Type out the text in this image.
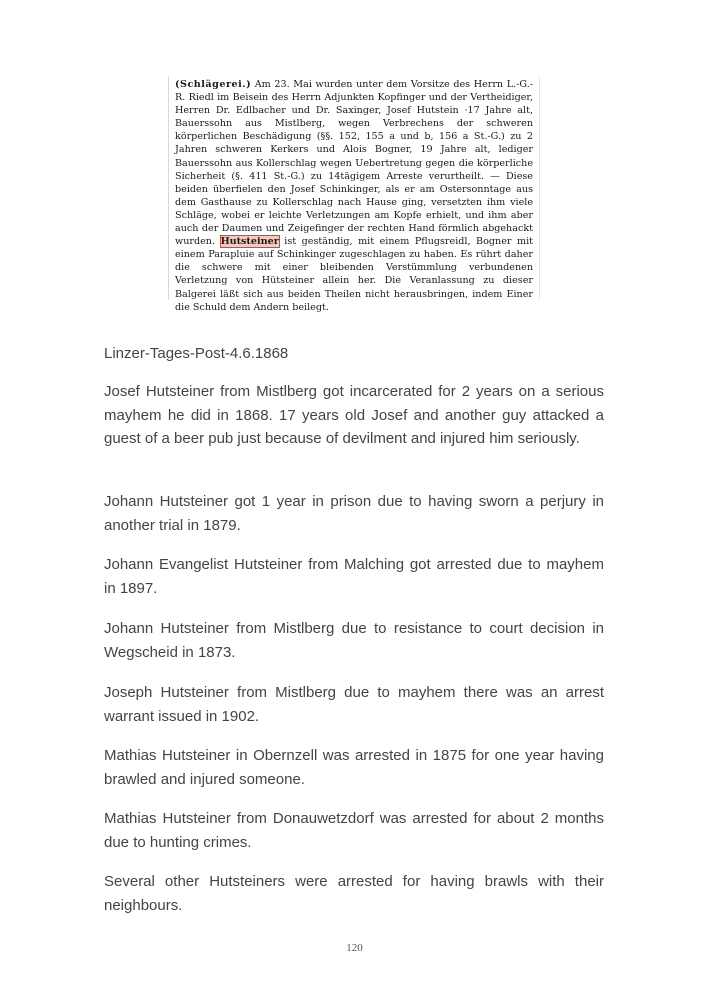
(Schlägerei.) Am 23. Mai wurden unter dem Vorsitze des Herrn L.-G.-R. Riedl im Beisein des Herrn Adjunkten Kopfinger und der Vertheidiger, Herren Dr. Edlbacher und Dr. Saxinger, Josef Hutstein ·17 Jahre alt, Bauerssohn aus Mistlberg, wegen Verbrechens der schweren körperlichen Beschädigung (§§. 152, 155 a und b, 156 a St.-G.) zu 2 Jahren schweren Kerkers und Alois Bogner, 19 Jahre alt, lediger Bauerssohn aus Kollerschlag wegen Uebertretung gegen die körperliche Sicherheit (§. 411 St.-G.) zu 14tägigem Arreste verurtheilt. — Diese beiden überfielen den Josef Schinkinger, als er am Ostersonntage aus dem Gasthause zu Kollerschlag nach Hause ging, versetzten ihm viele Schläge, wobei er leichte Verletzungen am Kopfe erhielt, und ihm aber auch der Daumen und Zeigefinger der rechten Hand förmlich abgehackt wurden. Hutsteiner ist geständig, mit einem Pflugsreidl, Bogner mit einem Parapluie auf Schinkinger zugeschlagen zu haben. Es rührt daher die schwere mit einer bleibenden Verstümmlung verbundenen Verletzung von Hütsteiner allein her. Die Veranlassung zu dieser Balgerei läßt sich aus beiden Theilen nicht herausbringen, indem Einer die Schuld dem Andern beilegt.
Linzer-Tages-Post-4.6.1868
Josef Hutsteiner from Mistlberg got incarcerated for 2 years on a serious mayhem he did in 1868. 17 years old Josef and another guy attacked a guest of a beer pub just because of devilment and injured him seriously.
Johann Hutsteiner got 1 year in prison due to having sworn a perjury in another trial in 1879.
Johann Evangelist Hutsteiner from Malching got arrested due to mayhem in 1897.
Johann Hutsteiner from Mistlberg due to resistance to court decision in Wegscheid in 1873.
Joseph Hutsteiner from Mistlberg due to mayhem there was an arrest warrant issued in 1902.
Mathias Hutsteiner in Obernzell was arrested in 1875 for one year having brawled and injured someone.
Mathias Hutsteiner from Donauwetzdorf was arrested for about 2 months due to hunting crimes.
Several other Hutsteiners were arrested for having brawls with their neighbours.
120
